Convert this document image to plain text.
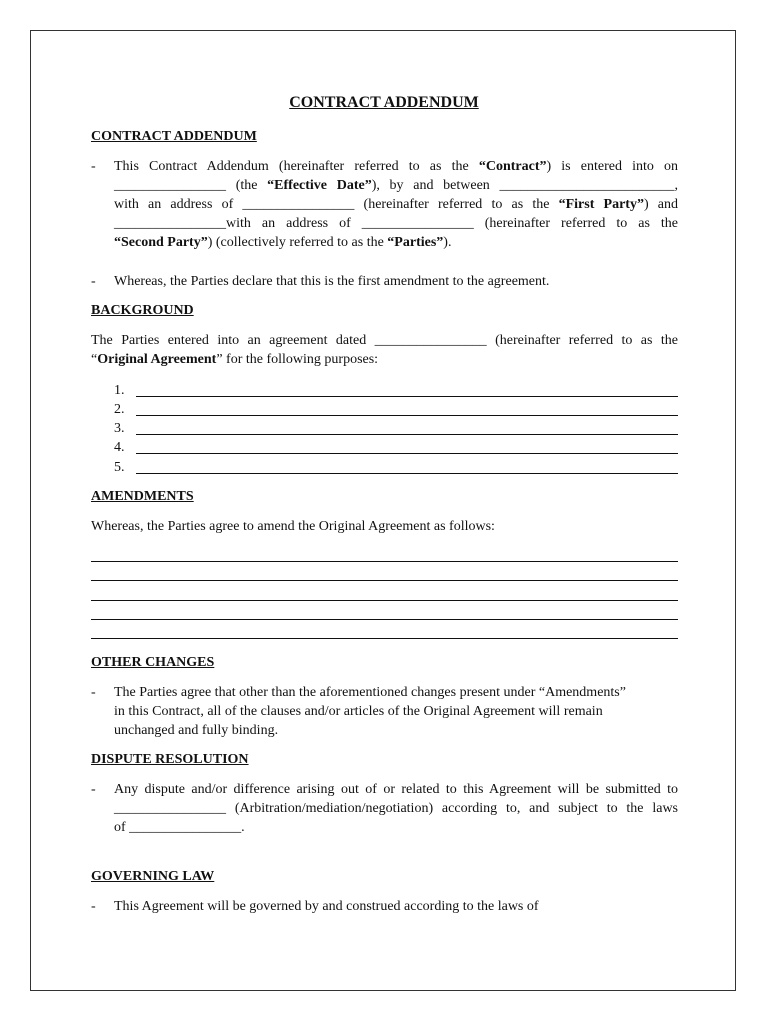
CONTRACT ADDENDUM
CONTRACT ADDENDUM
- This Contract Addendum (hereinafter referred to as the “Contract”) is entered into on
________________ (the “Effective Date”), by and between _________________________,
with an address of ________________ (hereinafter referred to as the “First Party”) and
________________with an address of ________________ (hereinafter referred to as the
“Second Party”) (collectively referred to as the “Parties”).
- Whereas, the Parties declare that this is the first amendment to the agreement.
BACKGROUND
The Parties entered into an agreement dated ________________ (hereinafter referred to as the
“Original Agreement” for the following purposes:
1.
2.
3.
4.
5.
AMENDMENTS
Whereas, the Parties agree to amend the Original Agreement as follows:
OTHER CHANGES
- The Parties agree that other than the aforementioned changes present under “Amendments”
in this Contract, all of the clauses and/or articles of the Original Agreement will remain
unchanged and fully binding.
DISPUTE RESOLUTION
- Any dispute and/or difference arising out of or related to this Agreement will be submitted to
________________ (Arbitration/mediation/negotiation) according to, and subject to the laws
of ________________.
GOVERNING LAW
- This Agreement will be governed by and construed according to the laws of
